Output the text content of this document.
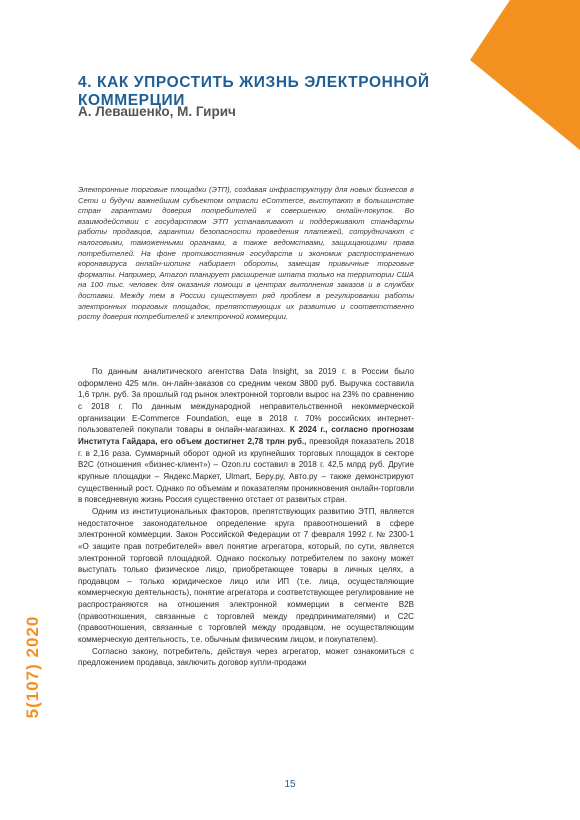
4. КАК УПРОСТИТЬ ЖИЗНЬ ЭЛЕКТРОННОЙ КОММЕРЦИИ

А. Левашенко, М. Гирич

Электронные торговые площадки (ЭТП), создавая инфраструктуру для новых бизнесов в Сети и будучи важнейшим субъектом отрасли eCommerce, выступают в большинстве стран гарантами доверия потребителей к совершению онлайн-покупок. Во взаимодействии с государством ЭТП устанавливают и поддерживают стандарты работы продавцов, гарантии безопасности проведения платежей, сотрудничают с налоговыми, таможенными органами, а также ведомствами, защищающими права потребителей. На фоне противостояния государств и экономик распространению коронавируса онлайн-шопинг набирает обороты, замещая привычные торговые форматы. Например, Amazon планирует расширение штата только на территории США на 100 тыс. человек для оказания помощи в центрах выполнения заказов и в службах доставки. Между тем в России существует ряд проблем в регулировании работы электронных торговых площадок, препятствующих их развитию и соответственно росту доверия потребителей к электронной коммерции.

По данным аналитического агентства Data Insight, за 2019 г. в России было оформлено 425 млн. он-лайн-заказов со средним чеком 3800 руб. Выручка составила 1,6 трлн. руб. За прошлый год рынок электронной торговли вырос на 23% по сравнению с 2018 г. По данным международной неправительственной некоммерческой организации E-Commerce Foundation, еще в 2018 г. 70% российских интернет-пользователей покупали товары в онлайн-магазинах. К 2024 г., согласно прогнозам Института Гайдара, его объем достигнет 2,78 трлн руб., превзойдя показатель 2018 г. в 2,16 раза. Суммарный оборот одной из крупнейших торговых площадок в секторе B2C (отношения «бизнес-клиент») – Ozon.ru составил в 2018 г. 42,5 млрд руб. Другие крупные площадки – Яндекс.Маркет, Ulmart, Беру.ру, Авто.ру – также демонстрируют существенный рост. Однако по объемам и показателям проникновения онлайн-торговли в повседневную жизнь Россия существенно отстает от развитых стран.

Одним из институциональных факторов, препятствующих развитию ЭТП, является недостаточное законодательное определение круга правоотношений в сфере электронной коммерции. Закон Российской Федерации от 7 февраля 1992 г. № 2300-1 «О защите прав потребителей» ввел понятие агрегатора, который, по сути, является электронной торговой площадкой. Однако поскольку потребителем по закону может выступать только физическое лицо, приобретающее товары в личных целях, а продавцом – только юридическое лицо или ИП (т.е. лица, осуществляющие коммерческую деятельность), понятие агрегатора и соответствующее регулирование не распространяются на отношения электронной коммерции в сегменте B2B (правоотношения, связанные с торговлей между предпринимателями) и C2C (правоотношения, связанные с торговлей между продавцом, не осуществляющим коммерческую деятельность, т.е. обычным физическим лицом, и покупателем).

Согласно закону, потребитель, действуя через агрегатор, может ознакомиться с предложением продавца, заключить договор купли-продажи

5(107) 2020

15
